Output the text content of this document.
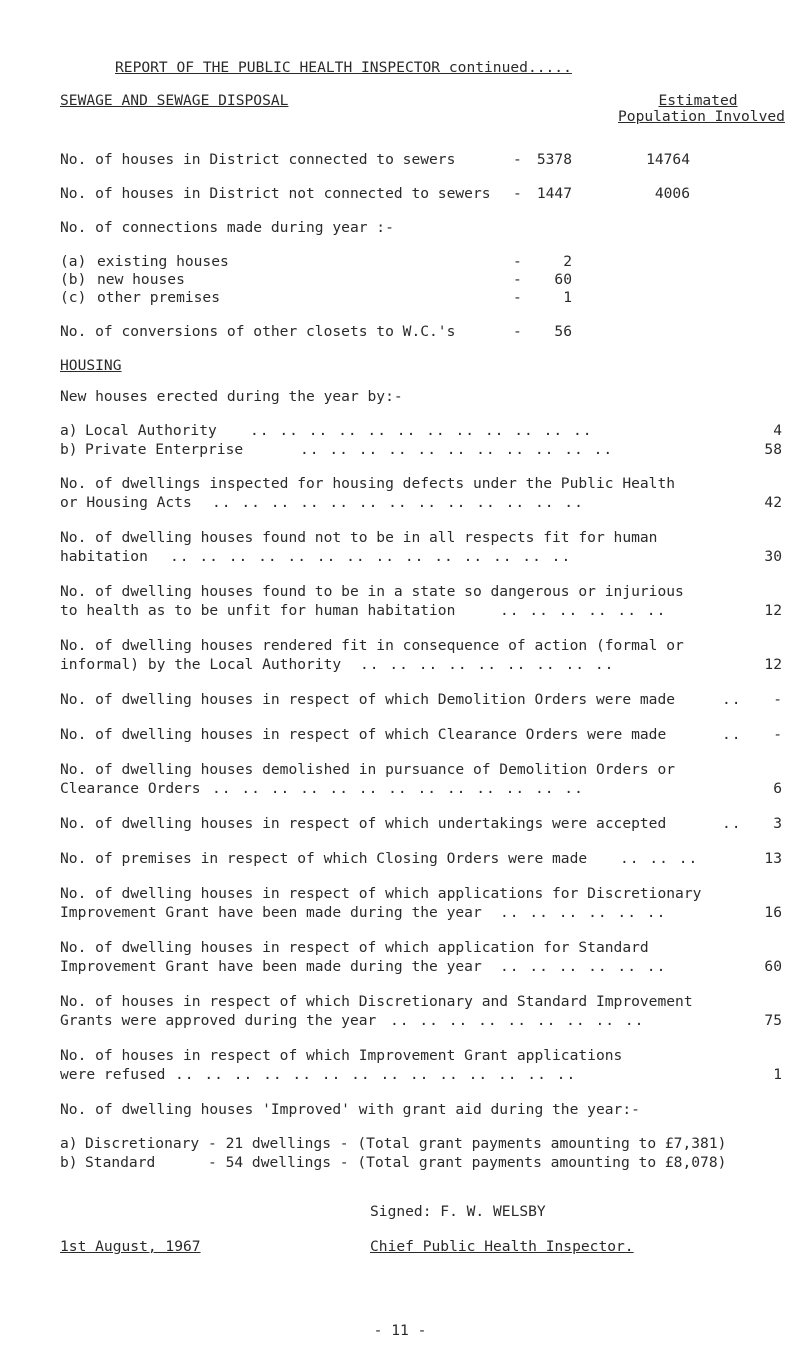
REPORT OF THE PUBLIC HEALTH INSPECTOR continued.....
SEWAGE AND SEWAGE DISPOSAL	Estimated
Population Involved
No. of houses in District connected to sewers	-	5378	14764
No. of houses in District not connected to sewers -	1447	4006
No. of connections made during year :-
(a) existing houses	-	2
(b) new houses	-	60
(c) other premises	-	1
No. of conversions of other closets to W.C.'s	-	56
HOUSING
New houses erected during the year by:-
a) Local Authority .. .. .. .. .. .. .. .. .. .. .. ..	4
b) Private Enterprise	.. .. .. .. .. .. .. .. .. .. ..	58
No. of dwellings inspected for housing defects under the Public Health
or Housing Acts .. .. .. .. .. .. .. .. .. .. .. .. ..	42
No. of dwelling houses found not to be in all respects fit for human
habitation .. .. .. .. .. .. .. .. .. .. .. .. .. ..	30
No. of dwelling houses found to be in a state so dangerous or injurious
to health as to be unfit for human habitation	.. .. .. .. .. ..	12
No. of dwelling houses rendered fit in consequence of action (formal or
informal) by the Local Authority .. .. .. .. .. .. .. .. ..	12
No. of dwelling houses in respect of which Demolition Orders were made	..	-
No. of dwelling houses in respect of which Clearance Orders were made	..	-
No. of dwelling houses demolished in pursuance of Demolition Orders or
Clearance Orders .. .. .. .. .. .. .. .. .. .. .. .. ..	6
No. of dwelling houses in respect of which undertakings were accepted	..	3
No. of premises in respect of which Closing Orders were made .. .. ..	13
No. of dwelling houses in respect of which applications for Discretionary
Improvement Grant have been made during the year .. .. .. .. .. ..	16
No. of dwelling houses in respect of which application for Standard
Improvement Grant have been made during the year .. .. .. .. .. ..	60
No. of houses in respect of which Discretionary and Standard Improvement
Grants were approved during the year .. .. .. .. .. .. .. .. ..	75
No. of houses in respect of which Improvement Grant applications
were refused .. .. .. .. .. .. .. .. .. .. .. .. .. ..	1
No. of dwelling houses 'Improved' with grant aid during the year:-
a) Discretionary - 21 dwellings - (Total grant payments amounting to £7,381)
b) Standard      - 54 dwellings - (Total grant payments amounting to £8,078)
Signed: F. W. WELSBY
1st August, 1967	Chief Public Health Inspector.
- 11 -
